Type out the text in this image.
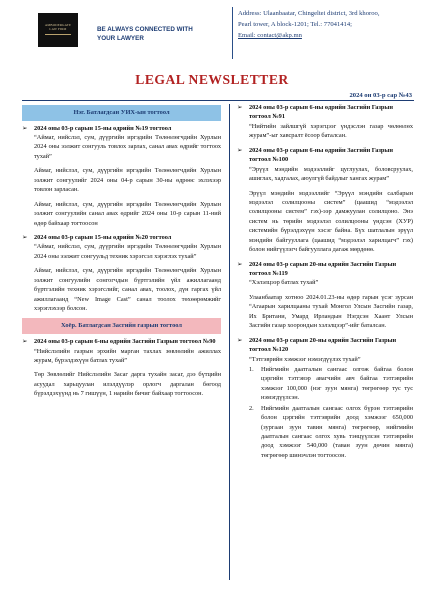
AMBODERGATE
LAW FIRM	BE ALWAYS CONNECTED WITH
YOUR LAWYER
Address: Ulaanbaatar, Chingeltei district, 3rd khoroo,
Pearl tower, A block-1201; Tel.: 77041414;
Email: contact@akp.mn
LEGAL NEWSLETTER
2024 он 03-р сар №43
Нэг. Батлагдсан УИХ-ын тогтоол
➢ 2024 оны 03-р сарын 15-ны өдрийн №19 тогтоол
“Аймаг, нийслэл, сум, дүүргийн иргэдийн Төлөөлөгчдийн Хурлын 2024 оны ээлжит сонгууль товлох зарлах, санал авах өдрийг тогтоох тухай”
Аймаг, нийслэл, сум, дүүргийн иргэдийн Төлөөлөгчдийн Хурлын ээлжит сонгуулийг 2024 оны 04-р сарын 30-ны өдрөөс эхлэхээр товлон зарласан.
Аймаг, нийслэл, сум, дүүргийн иргэдийн Төлөөлөгчдийн Хурлын ээлжит сонгуулийн санал авах өдрийг 2024 оны 10-р сарын 11-ний өдөр байхаар тогтоосон
➢ 2024 оны 03-р сарын 15-ны өдрийн №20 тогтоол
“Аймаг, нийслэл, сум, дүүргийн иргэдийн Төлөөлөгчдийн Хурлын 2024 оны ээлжит сонгуульд техник хэрэгсэл хэрэглэх тухай”
Аймаг, нийслэл, сум, дүүргийн иргэдийн Төлөөлөгчдийн Хурлын ээлжит сонгуулийн сонгогчдын бүртгэлийн үйл ажиллагаанд бүртгэлийн техник хэрэгслийг, санал авах, тоолох, дүн гаргах үйл ажиллагаанд “New Image Cast” санал тоолох төхөөрөмжийг хэрэглэхээр болсон.
Хоёр. Батлагдсан Засгийн газрын тогтоол
➢ 2024 оны 03-р сарын 6-ны өдрийн Засгийн Газрын тогтоол №90
“Нийслэлийн газрын эрхийн марган тахлах зөвлөлийн ажиллах журам, бүрэлдэхүүн батлах тухай”
Төр Зөвлөлийг Нийслэлийн Засаг дарга тухайн засаг, дээ бүтцийн асуудал харьцуулан илэлдүүлэр орлогч даргалан бөгоод бүрэлдэхүүнд нь 7 гишүүн, 1 нарийн бичиг байхаар тогтоосон.
➢ 2024 оны 03-р сарын 6-ны өдрийн Засгийн Газрын тогтоол №91
“Нийтийн зайлшгүй хэрэгцээг үндэслэн газар чөлөөлөх журам”-ыг хавсралт ёсоор баталсан.
➢ 2024 оны 03-р сарын 6-ны өдрийн Засгийн Газрын тогтоол №100
“Эрүүл мэндийн мэдээллийг цуглуулах, боловсруулах, ашиглах, хадгалах, аюулгүй байдлыг хангах журам”
Эрүүл мэндийн мэдээллийг “Эрүүл мэндийн салбарын мэдээлэл солилцооны систем” (цаашид “мэдээлэл солилцооны систем” гэх)-ээр дамжуулан солилцоно. Энэ систем нь төрийн мэдээлэл солилцооны үндсэн (ХУР) системийн бүрэлдэхүүн хэсэг байна. Бүх шатлалын эрүүл мэндийн байгууллага (цаашид “мэдээлэл харилцагч” гэх) болон нийгүүлэгч байгууллага дагаж мөрдөнө.
➢ 2024 оны 03-р сарын 20-ны өдрийн Засгийн Газрын тогтоол №119
“Хэлэлцээр батлах тухай”
Улаанбаатар хотноо 2024.01.23-ны өдөр гарын үсэг зурсан “Агаарын харилцааны тухай Монгол Улсын Засгийн газар, Их Британи, Умард Ирландын Нэгдсэн Хаант Улсын Засгийн газар хоорондын хэлэлцээр”-ийг баталсан.
➢ 2024 оны 03-р сарын 20-ны өдрийн Засгийн Газрын тогтоол №120
“Тэтгэврийн хэмжээг нэмэгдүүлэх тухай”
1. Нийгмийн даатгалын сангаас олгож байгаа болон цэргийн тэтгэвэр авагчийн авч байгаа тэтгэврийн хэмжээг 100,000 (нэг зуун мянга) төгрөгөөр тус тус нэмэгдүүлсэн.
2. Нийгмийн даатгалын сангаас олгох бүрэн тэтгэврийн болон цэргийн тэтгэврийн доод хэмжээг 650,000 (зургаан зуун тавин мянга) төгрөгөөр, нийгмийн даатгалын сангаас олгох хувь тэнцүүлсэн тэтгэврийн доод хэмжээг 540,000 (таван зуун дөчин мянга) төгрөгөөр шинэчлэн тогтоосон.
